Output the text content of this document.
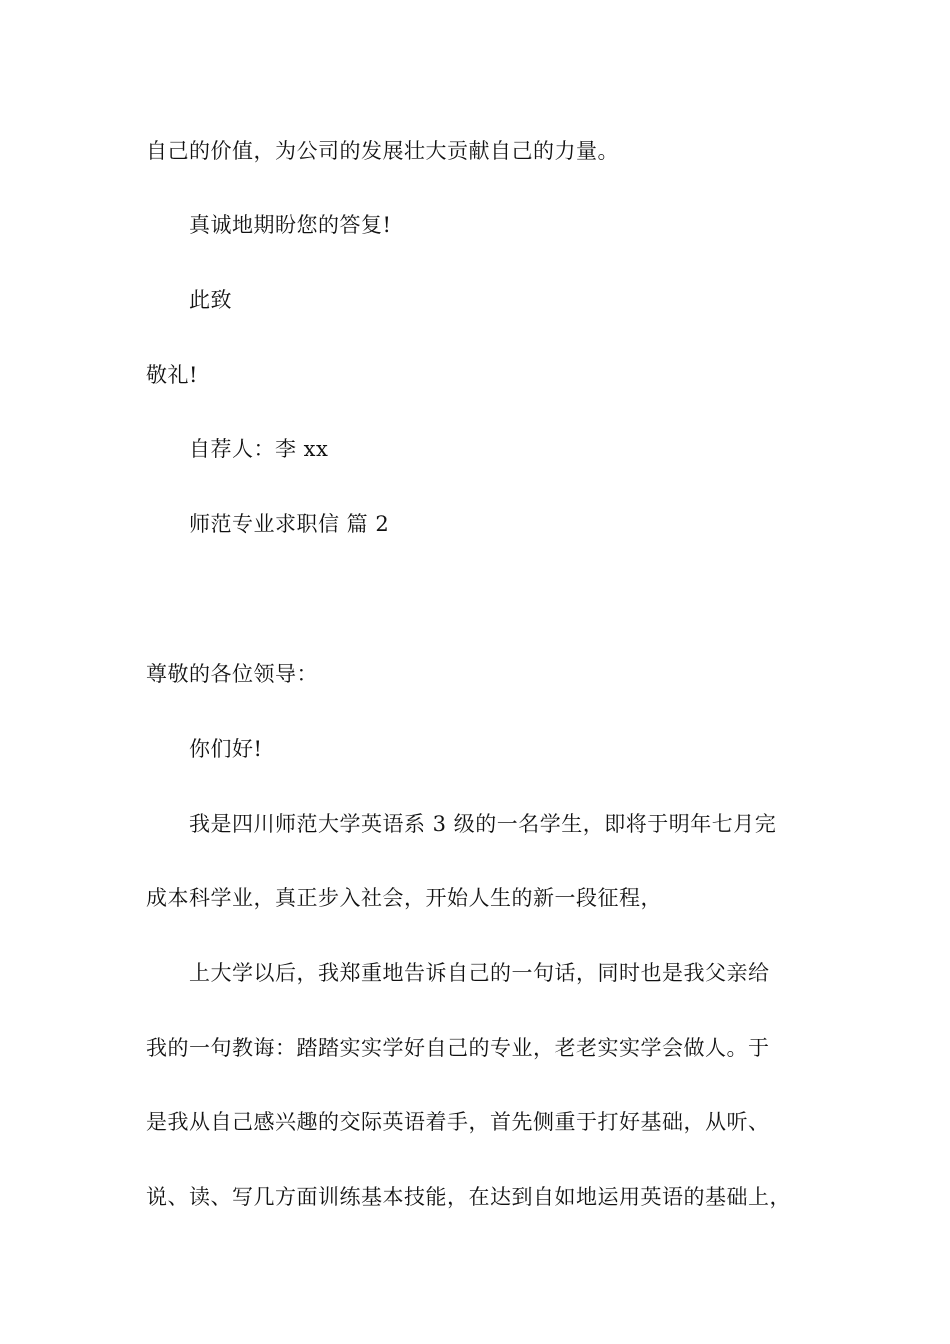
自己的价值，为公司的发展壮大贡献自己的力量。
真诚地期盼您的答复!
此致
敬礼!
自荐人：李 xx
师范专业求职信 篇 2
尊敬的各位领导：
你们好!
我是四川师范大学英语系 3 级的一名学生，即将于明年七月完
成本科学业，真正步入社会，开始人生的新一段征程，
上大学以后，我郑重地告诉自己的一句话，同时也是我父亲给
我的一句教诲：踏踏实实学好自己的专业，老老实实学会做人。于
是我从自己感兴趣的交际英语着手，首先侧重于打好基础，从听、
说、读、写几方面训练基本技能，在达到自如地运用英语的基础上，
